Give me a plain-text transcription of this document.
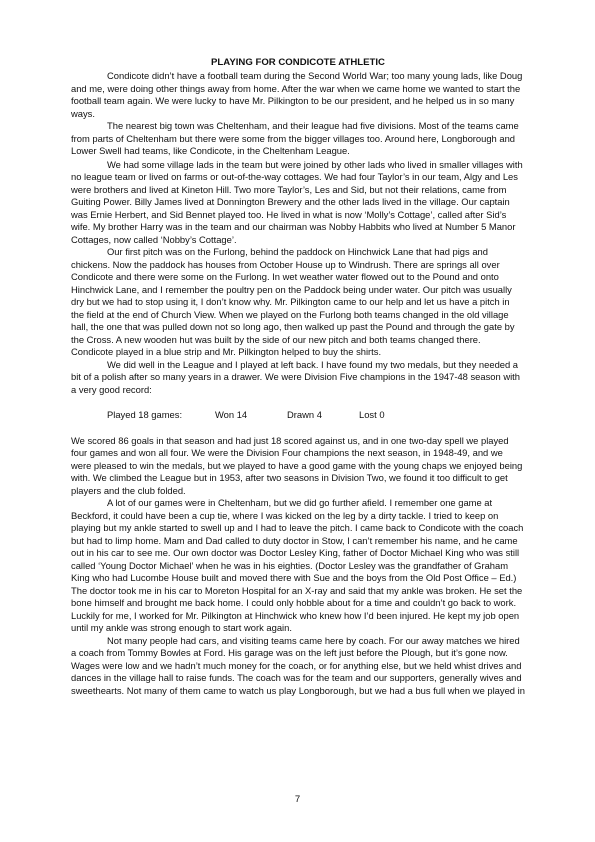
PLAYING FOR CONDICOTE ATHLETIC

Condicote didn’t have a football team during the Second World War; too many young lads, like Doug and me, were doing other things away from home. After the war when we came home we wanted to start the football team again. We were lucky to have Mr. Pilkington to be our president, and he helped us in so many ways.

The nearest big town was Cheltenham, and their league had five divisions. Most of the teams came from parts of Cheltenham but there were some from the bigger villages too. Around here, Longborough and Lower Swell had teams, like Condicote, in the Cheltenham League.

We had some village lads in the team but were joined by other lads who lived in smaller villages with no league team or lived on farms or out-of-the-way cottages. We had four Taylor’s in our team, Algy and Les were brothers and lived at Kineton Hill. Two more Taylor’s, Les and Sid, but not their relations, came from Guiting Power. Billy James lived at Donnington Brewery and the other lads lived in the village. Our captain was Ernie Herbert, and Sid Bennet played too. He lived in what is now ‘Molly’s Cottage’, called after Sid’s wife. My brother Harry was in the team and our chairman was Nobby Habbits who lived at Number 5 Manor Cottages, now called ‘Nobby’s Cottage’.

Our first pitch was on the Furlong, behind the paddock on Hinchwick Lane that had pigs and chickens. Now the paddock has houses from October House up to Windrush. There are springs all over Condicote and there were some on the Furlong. In wet weather water flowed out to the Pound and onto Hinchwick Lane, and I remember the poultry pen on the Paddock being under water. Our pitch was usually dry but we had to stop using it, I don’t know why. Mr. Pilkington came to our help and let us have a pitch in the field at the end of Church View. When we played on the Furlong both teams changed in the old village hall, the one that was pulled down not so long ago, then walked up past the Pound and through the gate by the Cross. A new wooden hut was built by the side of our new pitch and both teams changed there. Condicote played in a blue strip and Mr. Pilkington helped to buy the shirts.

We did well in the League and I played at left back. I have found my two medals, but they needed a bit of a polish after so many years in a drawer. We were Division Five champions in the 1947-48 season with a very good record:

Played 18 games:	Won 14	Drawn 4	Lost 0

We scored 86 goals in that season and had just 18 scored against us, and in one two-day spell we played four games and won all four. We were the Division Four champions the next season, in 1948-49, and we were pleased to win the medals, but we played to have a good game with the young chaps we enjoyed being with. We climbed the League but in 1953, after two seasons in Division Two, we found it too difficult to get players and the club folded.

A lot of our games were in Cheltenham, but we did go further afield. I remember one game at Beckford, it could have been a cup tie, where I was kicked on the leg by a dirty tackle. I tried to keep on playing but my ankle started to swell up and I had to leave the pitch. I came back to Condicote with the coach but had to limp home. Mam and Dad called to duty doctor in Stow, I can’t remember his name, and he came out in his car to see me. Our own doctor was Doctor Lesley King, father of Doctor Michael King who was still called ‘Young Doctor Michael’ when he was in his eighties. (Doctor Lesley was the grandfather of Graham King who had Lucombe House built and moved there with Sue and the boys from the Old Post Office – Ed.) The doctor took me in his car to Moreton Hospital for an X-ray and said that my ankle was broken. He set the bone himself and brought me back home. I could only hobble about for a time and couldn’t go back to work. Luckily for me, I worked for Mr. Pilkington at Hinchwick who knew how I’d been injured. He kept my job open until my ankle was strong enough to start work again.

Not many people had cars, and visiting teams came here by coach. For our away matches we hired a coach from Tommy Bowles at Ford. His garage was on the left just before the Plough, but it’s gone now. Wages were low and we hadn’t much money for the coach, or for anything else, but we held whist drives and dances in the village hall to raise funds. The coach was for the team and our supporters, generally wives and sweethearts. Not many of them came to watch us play Longborough, but we had a bus full when we played in

7
